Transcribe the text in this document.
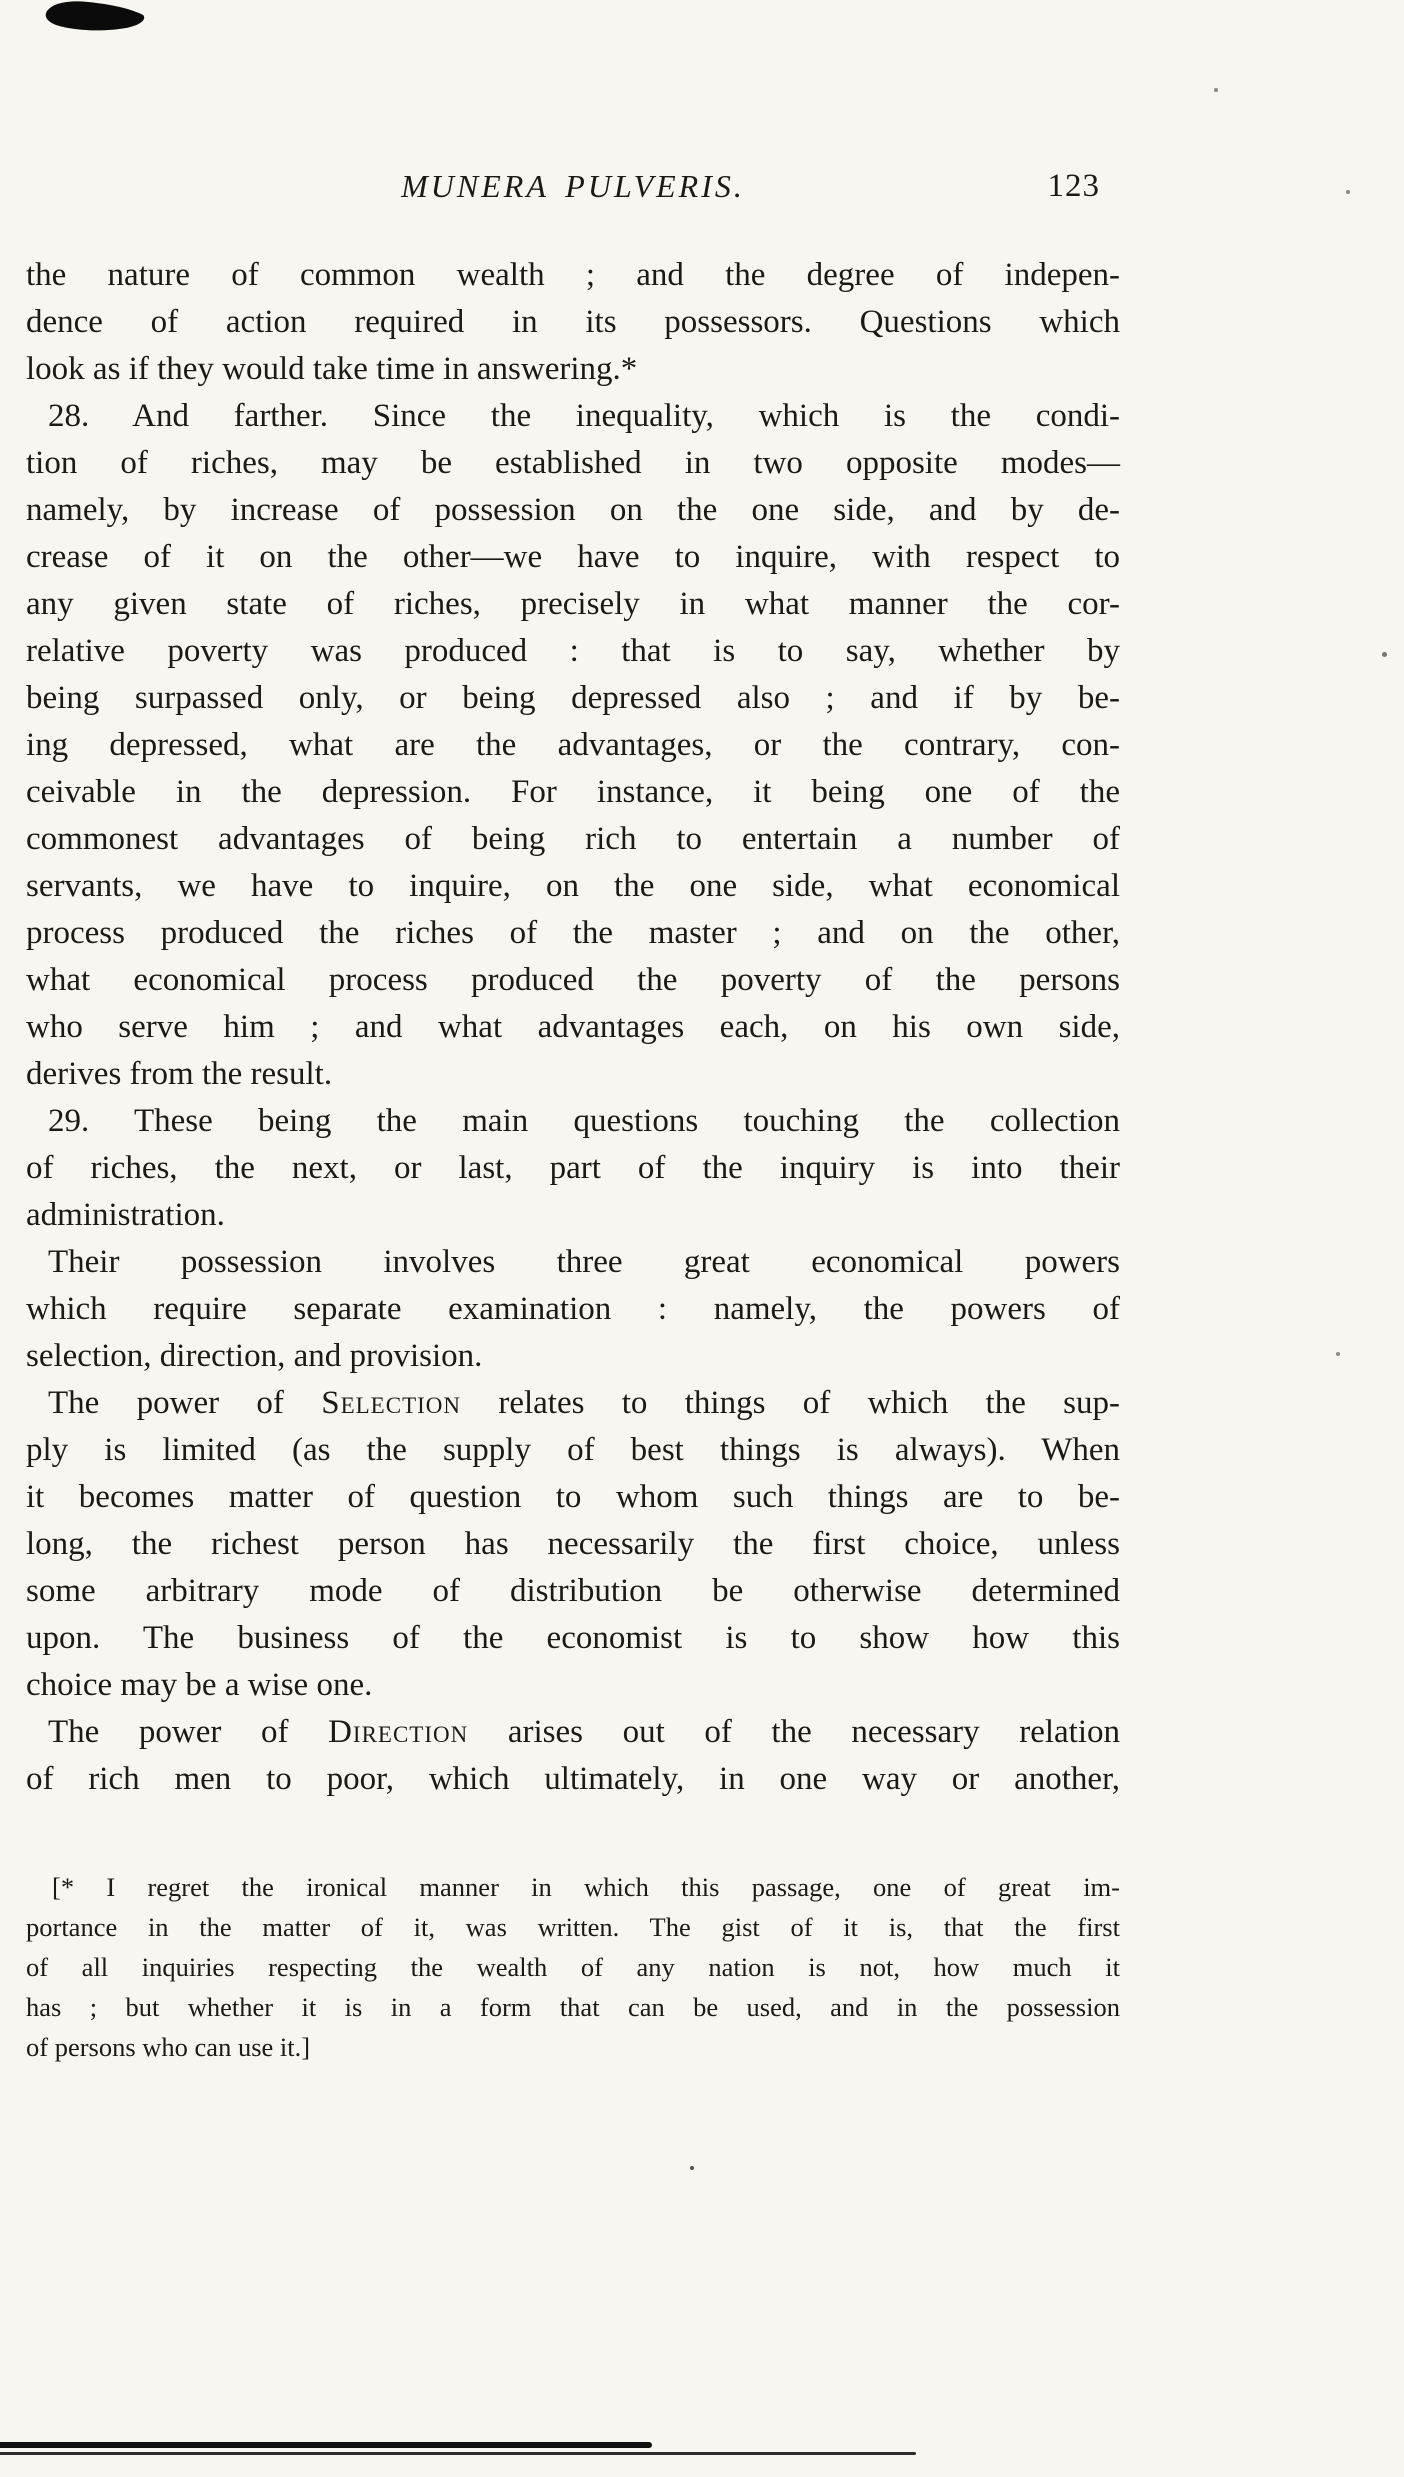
MUNERA PULVERIS.	123
the nature of common wealth ; and the degree of indepen-
dence of action required in its possessors. Questions which
look as if they would take time in answering.*
28. And farther. Since the inequality, which is the condi-
tion of riches, may be established in two opposite modes—
namely, by increase of possession on the one side, and by de-
crease of it on the other—we have to inquire, with respect to
any given state of riches, precisely in what manner the cor-
relative poverty was produced : that is to say, whether by
being surpassed only, or being depressed also ; and if by be-
ing depressed, what are the advantages, or the contrary, con-
ceivable in the depression. For instance, it being one of the
commonest advantages of being rich to entertain a number of
servants, we have to inquire, on the one side, what economical
process produced the riches of the master ; and on the other,
what economical process produced the poverty of the persons
who serve him ; and what advantages each, on his own side,
derives from the result.
29. These being the main questions touching the collection
of riches, the next, or last, part of the inquiry is into their
administration.
Their possession involves three great economical powers
which require separate examination : namely, the powers of
selection, direction, and provision.
The power of Selection relates to things of which the sup-
ply is limited (as the supply of best things is always). When
it becomes matter of question to whom such things are to be-
long, the richest person has necessarily the first choice, unless
some arbitrary mode of distribution be otherwise determined
upon. The business of the economist is to show how this
choice may be a wise one.
The power of Direction arises out of the necessary relation
of rich men to poor, which ultimately, in one way or another,
[* I regret the ironical manner in which this passage, one of great im-
portance in the matter of it, was written. The gist of it is, that the first
of all inquiries respecting the wealth of any nation is not, how much it
has ; but whether it is in a form that can be used, and in the possession
of persons who can use it.]
